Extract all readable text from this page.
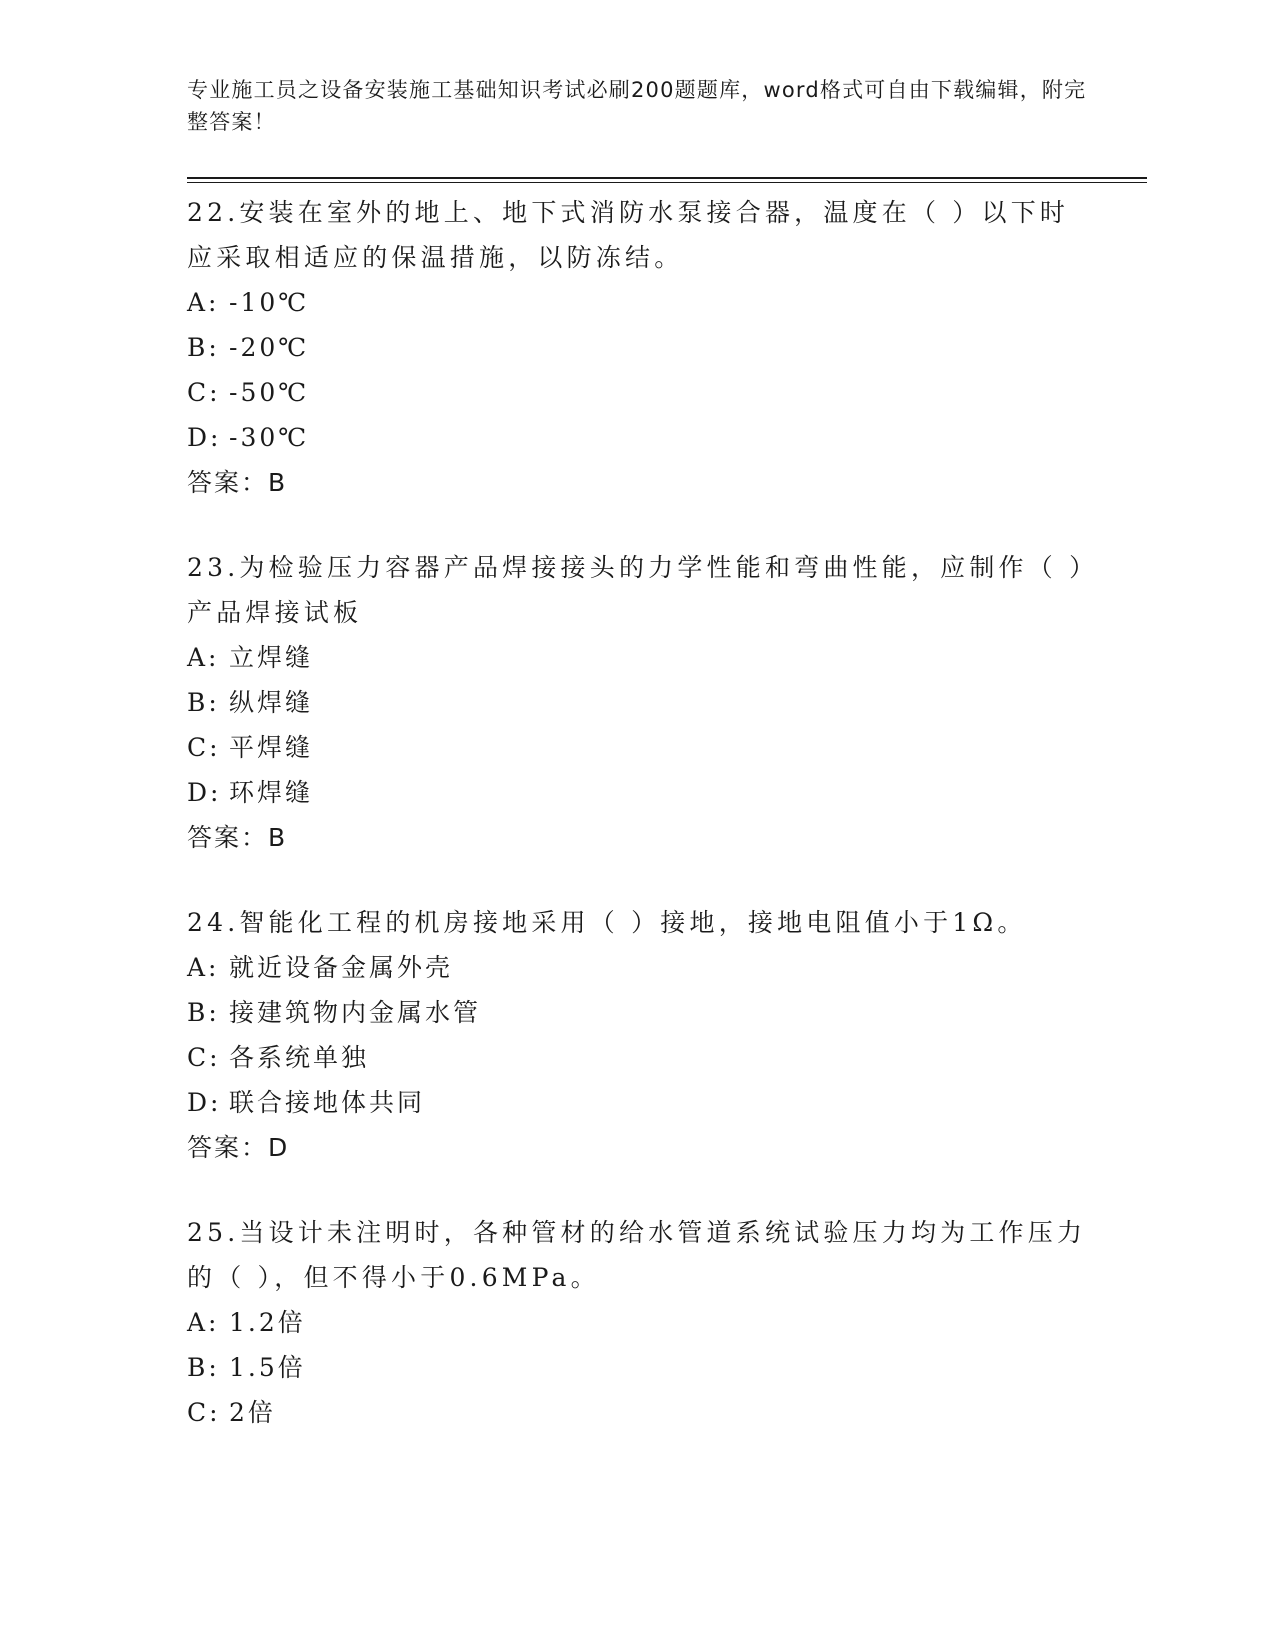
专业施工员之设备安装施工基础知识考试必刷200题题库，word格式可自由下载编辑，附完整答案！

22.安装在室外的地上、地下式消防水泵接合器，温度在（ ）以下时应采取相适应的保温措施，以防冻结。

A: -10℃

B: -20℃

C: -50℃

D: -30℃

答案：B

23.为检验压力容器产品焊接接头的力学性能和弯曲性能，应制作（ ）产品焊接试板

A: 立焊缝

B: 纵焊缝

C: 平焊缝

D: 环焊缝

答案：B

24.智能化工程的机房接地采用（ ）接地，接地电阻值小于1Ω。

A: 就近设备金属外壳

B: 接建筑物内金属水管

C: 各系统单独

D: 联合接地体共同

答案：D

25.当设计未注明时，各种管材的给水管道系统试验压力均为工作压力的（ ），但不得小于0.6MPa。

A: 1.2倍

B: 1.5倍

C: 2倍
